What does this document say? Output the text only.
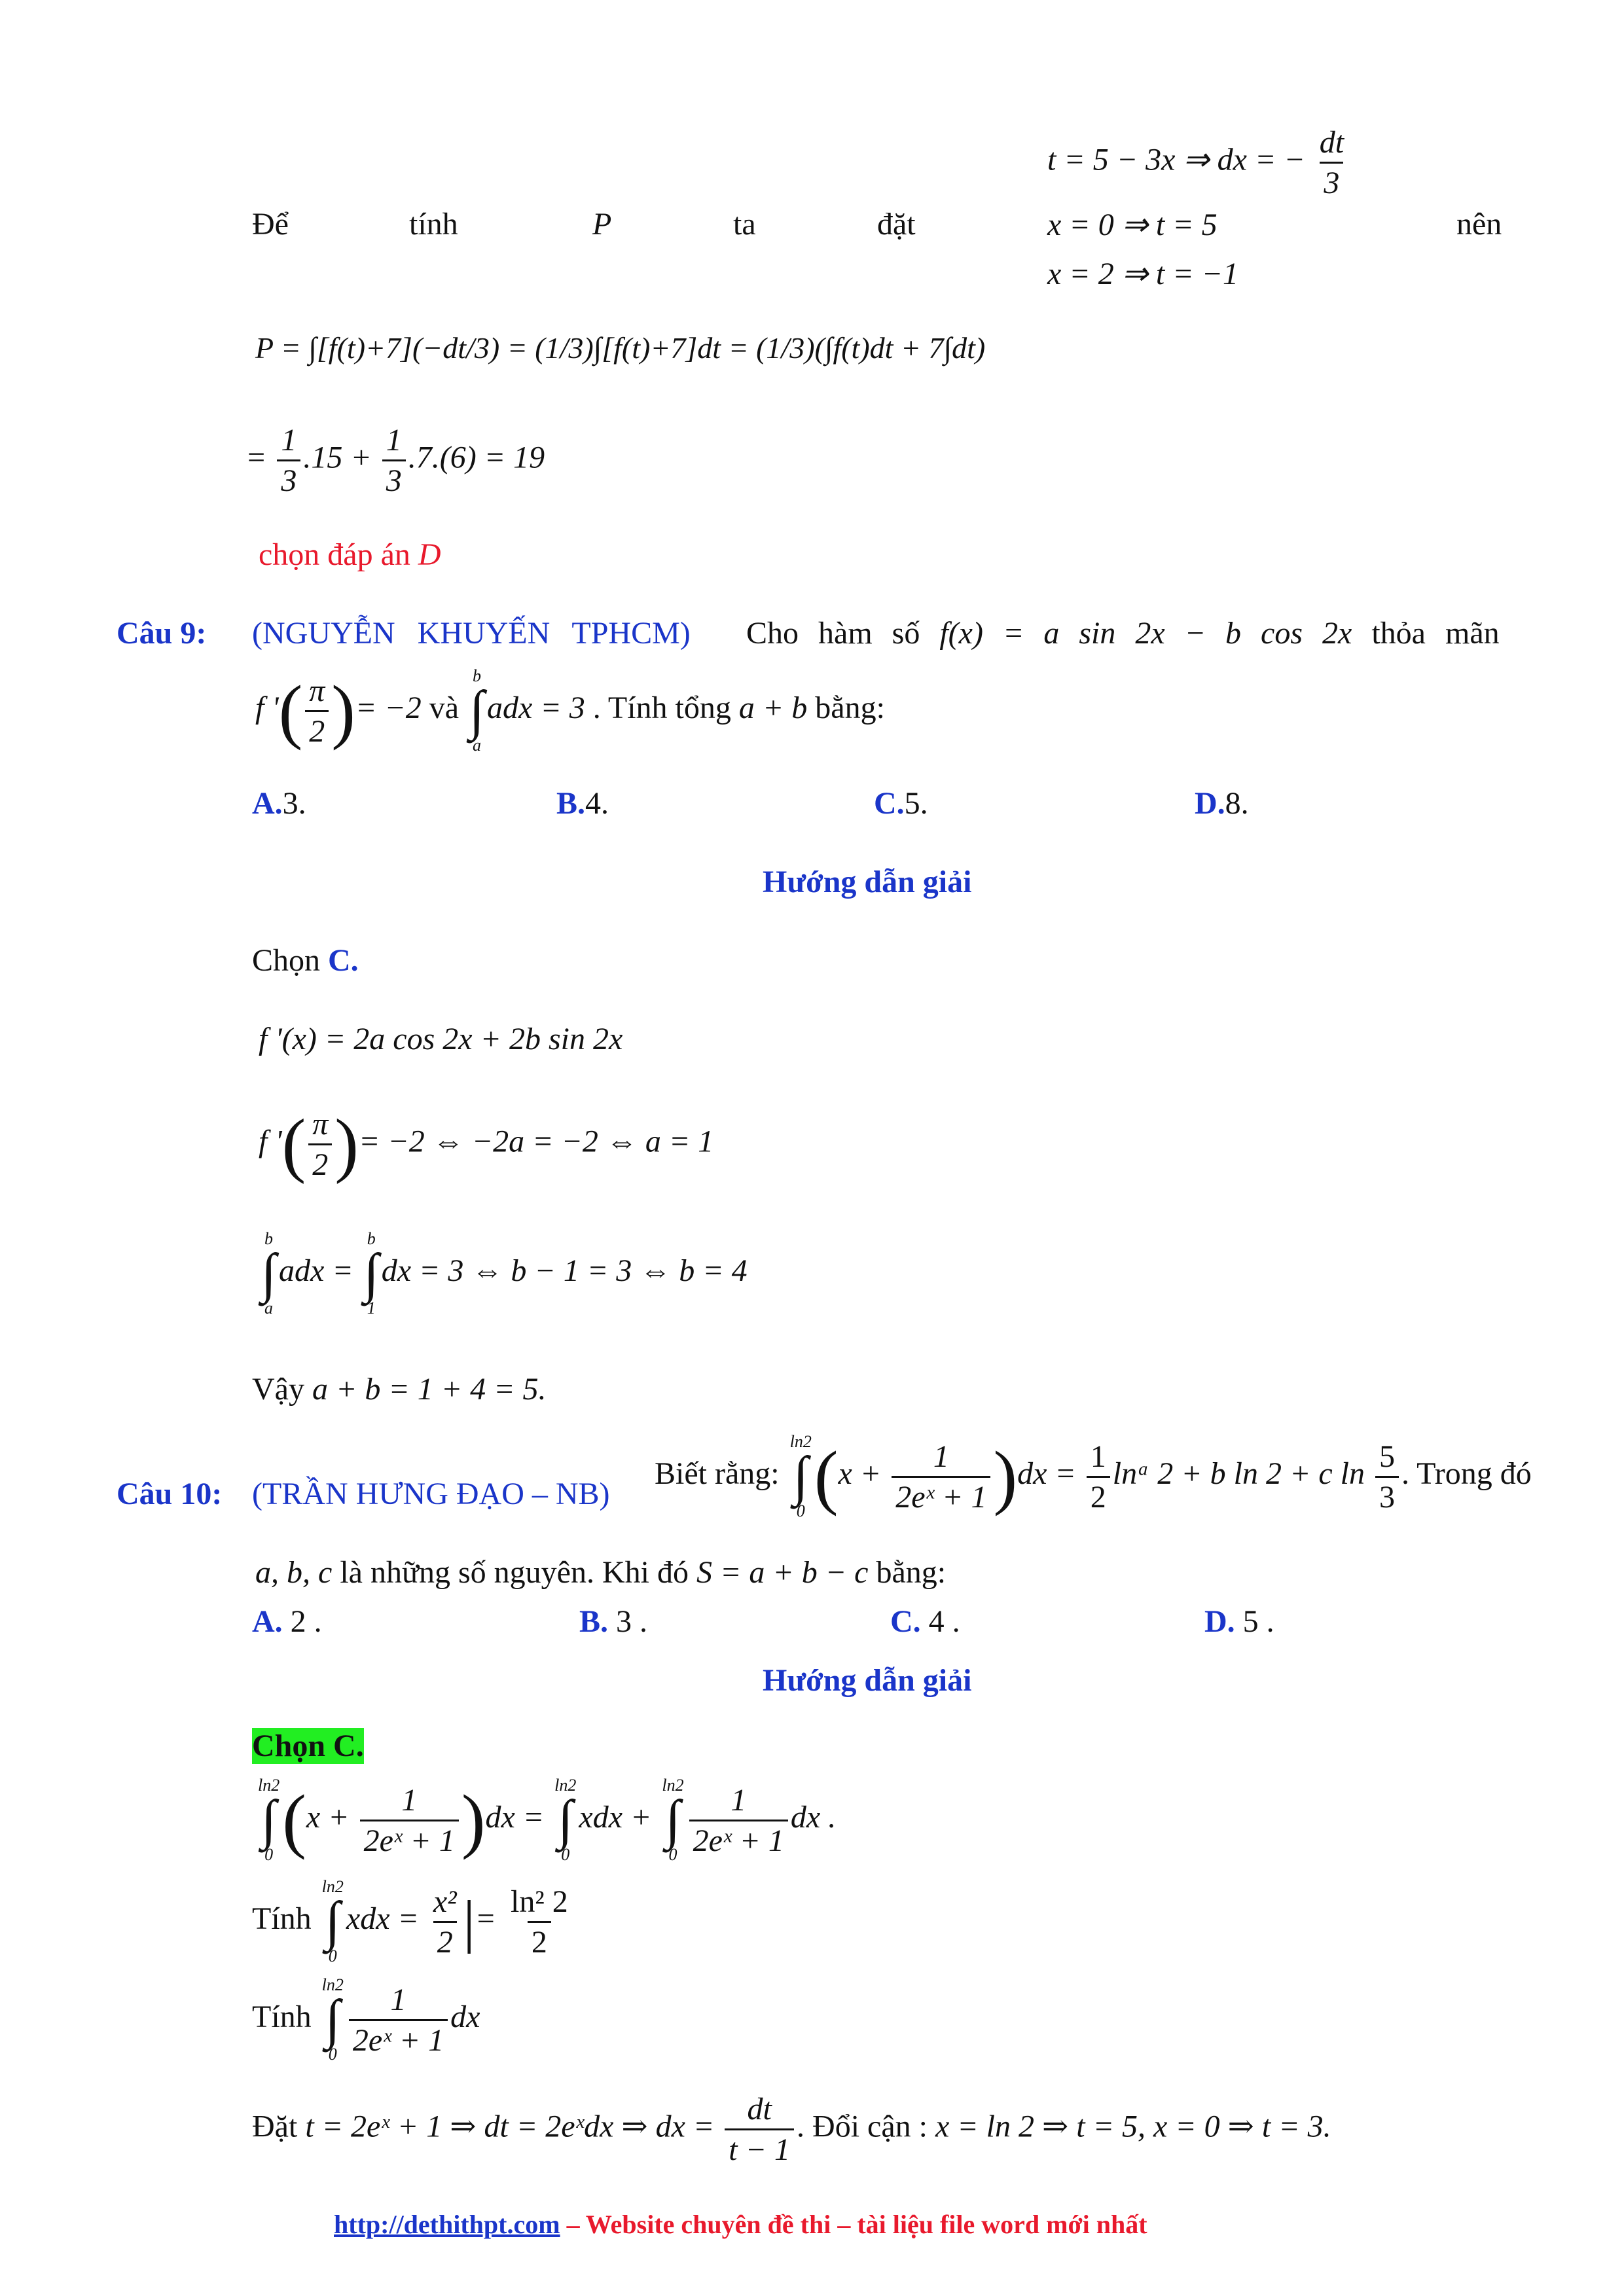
t = 5 − 3x ⇒ dx = − $\frac{dt}{3}$
Để	tính	P	ta	đặt	x = 0 ⇒ t = 5	nên
x = 2 ⇒ t = −1
P = ∫[f(t)+7](−dt/3) = (1/3)∫[f(t)+7]dt = (1/3)(∫f(t)dt + 7∫dt)
= $\frac{1}{3} .15 + \frac{1}{3} .7.(6) = 19$
chọn đáp án D
Câu 9: (NGUYỄN KHUYẾN TPHCM) Cho hàm số f(x) = a sin 2x − b cos 2x thỏa mãn
f '( $\frac{\pi}{2}$ )= −2 và
b
∫
a
adx = 3 . Tính tổng a + b bằng:
A.3.	B.4.	C.5.	D.8.
Hướng dẫn giải
Chọn C.
f '(x) = 2a cos 2x + 2b sin 2x
f '( $\frac{\pi}{2}$ )= −2 ⇔ −2a = −2 ⇔ a = 1
b
∫
a
adx =
b
∫
1
dx = 3 ⇔ b − 1 = 3 ⇔ b = 4
Vậy a + b = 1 + 4 = 5.
Câu 10: (TRẦN HƯNG ĐẠO – NB)
Biết rằng:
ln2
∫
0 $(x + \frac{1}{\text{2eˣ + 1}} )dx = \frac{1}{2}$ lnᵃ 2 + b ln 2 + c $\ln \frac{5}{3}$ . Trong đó
a, b, c là những số nguyên. Khi đó S = a + b − c bằng:
A. 2 .	B. 3 .	C. 4 .	D. 5 .
Hướng dẫn giải
Chọn C.
ln2
∫
0 $(x + \frac{1}{\text{2eˣ + 1}} )dx$ =
ln2
∫
0
xdx +
ln2
∫
$0 \frac{1}{\text{2eˣ + 1}}$ dx .
Tính
ln2
∫
0
xdx = $\frac{\text{x²}}{2}$ |= $\frac{\text{ln² 2}}{2}$
Tính
ln2
∫
$0 \frac{1}{\text{2eˣ + 1}}$ dx
Đặt t = 2eˣ + 1 ⇒ dt = 2eˣdx ⇒ dx = $\frac{dt}{t - 1}$ . Đổi cận : x = ln 2 ⇒ t = 5, x = 0 ⇒ t = 3.
http://dethithpt.com – Website chuyên đề thi – tài liệu file word mới nhất
